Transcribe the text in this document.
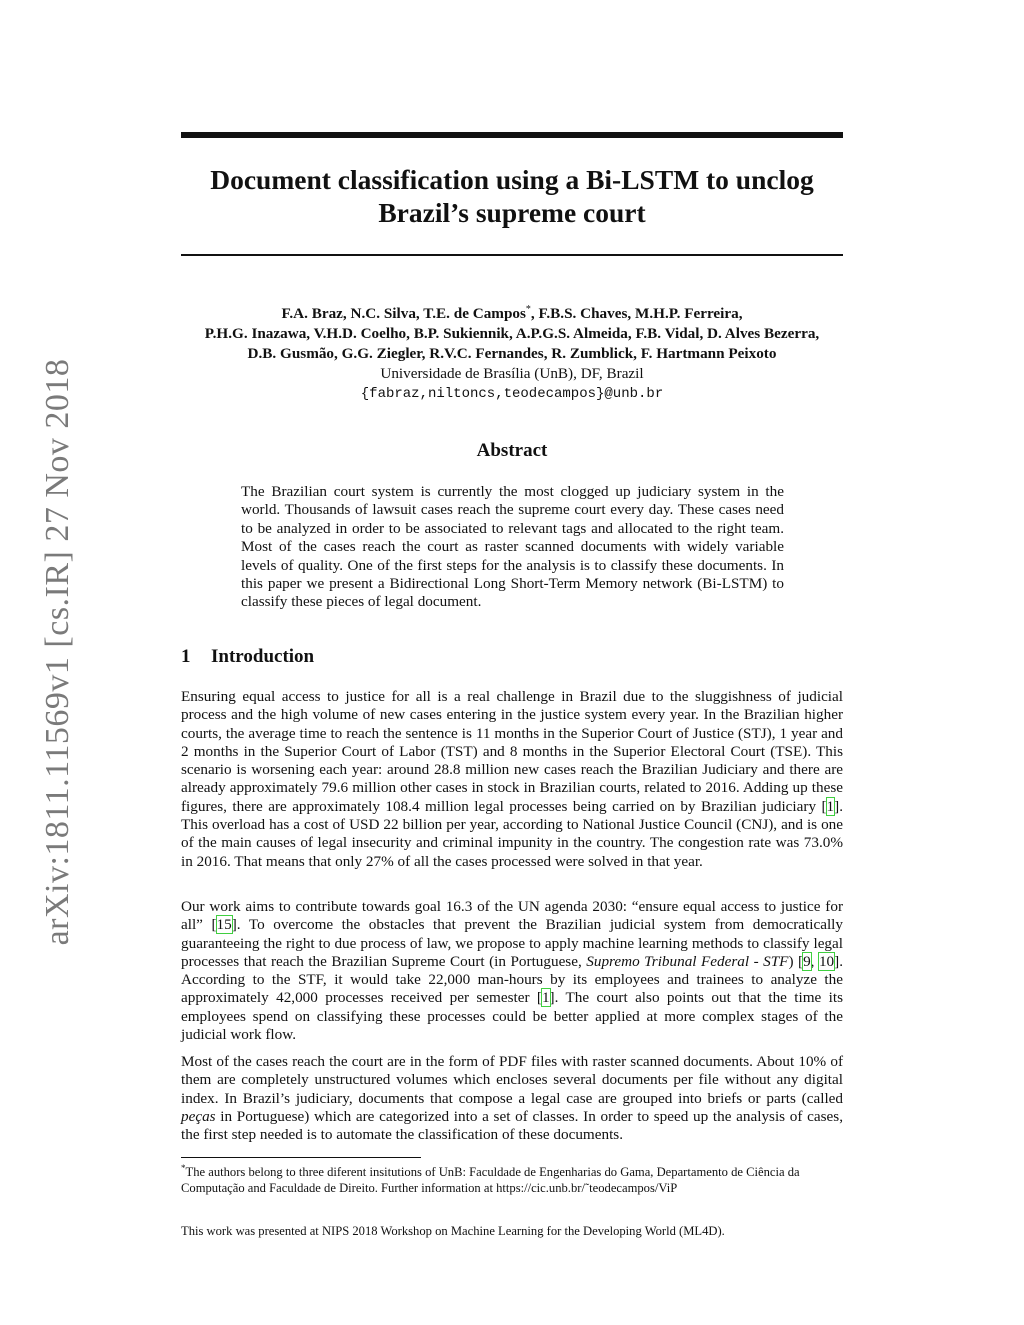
arXiv:1811.11569v1 [cs.IR] 27 Nov 2018
Document classification using a Bi-LSTM to unclog
Brazil’s supreme court
F.A. Braz, N.C. Silva, T.E. de Campos*, F.B.S. Chaves, M.H.P. Ferreira,
P.H.G. Inazawa, V.H.D. Coelho, B.P. Sukiennik, A.P.G.S. Almeida, F.B. Vidal, D. Alves Bezerra,
D.B. Gusmão, G.G. Ziegler, R.V.C. Fernandes, R. Zumblick, F. Hartmann Peixoto
Universidade de Brasília (UnB), DF, Brazil
{fabraz,niltoncs,teodecampos}@unb.br
Abstract
The Brazilian court system is currently the most clogged up judiciary system in the world. Thousands of lawsuit cases reach the supreme court every day. These cases need to be analyzed in order to be associated to relevant tags and allocated to the right team. Most of the cases reach the court as raster scanned documents with widely variable levels of quality. One of the first steps for the analysis is to classify these documents. In this paper we present a Bidirectional Long Short-Term Memory network (Bi-LSTM) to classify these pieces of legal document.
1 Introduction

Ensuring equal access to justice for all is a real challenge in Brazil due to the sluggishness of judicial process and the high volume of new cases entering in the justice system every year. In the Brazilian higher courts, the average time to reach the sentence is 11 months in the Superior Court of Justice (STJ), 1 year and 2 months in the Superior Court of Labor (TST) and 8 months in the Superior Electoral Court (TSE). This scenario is worsening each year: around 28.8 million new cases reach the Brazilian Judiciary and there are already approximately 79.6 million other cases in stock in Brazilian courts, related to 2016. Adding up these figures, there are approximately 108.4 million legal processes being carried on by Brazilian judiciary [1]. This overload has a cost of USD 22 billion per year, according to National Justice Council (CNJ), and is one of the main causes of legal insecurity and criminal impunity in the country. The congestion rate was 73.0% in 2016. That means that only 27% of all the cases processed were solved in that year.

Our work aims to contribute towards goal 16.3 of the UN agenda 2030: “ensure equal access to justice for all” [15]. To overcome the obstacles that prevent the Brazilian judicial system from democratically guaranteeing the right to due process of law, we propose to apply machine learning methods to classify legal processes that reach the Brazilian Supreme Court (in Portuguese, Supremo Tribunal Federal - STF) [9, 10]. According to the STF, it would take 22,000 man-hours by its employees and trainees to analyze the approximately 42,000 processes received per semester [1]. The court also points out that the time its employees spend on classifying these processes could be better applied at more complex stages of the judicial work flow.

Most of the cases reach the court are in the form of PDF files with raster scanned documents. About 10% of them are completely unstructured volumes which encloses several documents per file without any digital index. In Brazil’s judiciary, documents that compose a legal case are grouped into briefs or parts (called peças in Portuguese) which are categorized into a set of classes. In order to speed up the analysis of cases, the first step needed is to automate the classification of these documents.

*The authors belong to three diferent insitutions of UnB: Faculdade de Engenharias do Gama, Departamento de Ciência da Computação and Faculdade de Direito. Further information at https://cic.unb.br/˜teodecampos/ViP
This work was presented at NIPS 2018 Workshop on Machine Learning for the Developing World (ML4D).
